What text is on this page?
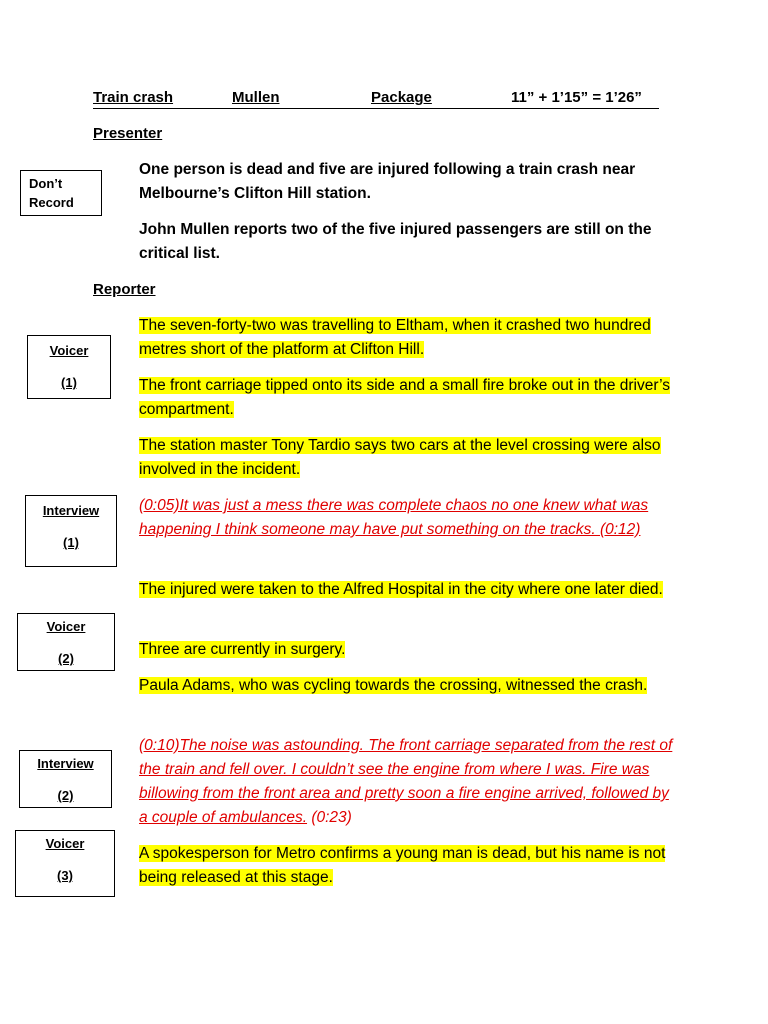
Train crash	Mullen	Package	11” + 1’15” = 1’26”
Presenter
Don’t
Record

One person is dead and five are injured following a train crash near Melbourne’s Clifton Hill station.

John Mullen reports two of the five injured passengers are still on the critical list.

Reporter
Voicer
(1)

The seven-forty-two was travelling to Eltham, when it crashed two hundred metres short of the platform at Clifton Hill.

The front carriage tipped onto its side and a small fire broke out in the driver’s compartment.

The station master Tony Tardio says two cars at the level crossing were also involved in the incident.

Interview
(1)

(0:05)It was just a mess there was complete chaos no one knew what was happening I think someone may have put something on the tracks. (0:12)

The injured were taken to the Alfred Hospital in the city where one later died.

Voicer
(2)

Three are currently in surgery.

Paula Adams, who was cycling towards the crossing, witnessed the crash.

Interview
(2)

(0:10)The noise was astounding. The front carriage separated from the rest of the train and fell over. I couldn’t see the engine from where I was. Fire was billowing from the front area and pretty soon a fire engine arrived, followed by a couple of ambulances. (0:23)

Voicer
(3)

A spokesperson for Metro confirms a young man is dead, but his name is not being released at this stage.
